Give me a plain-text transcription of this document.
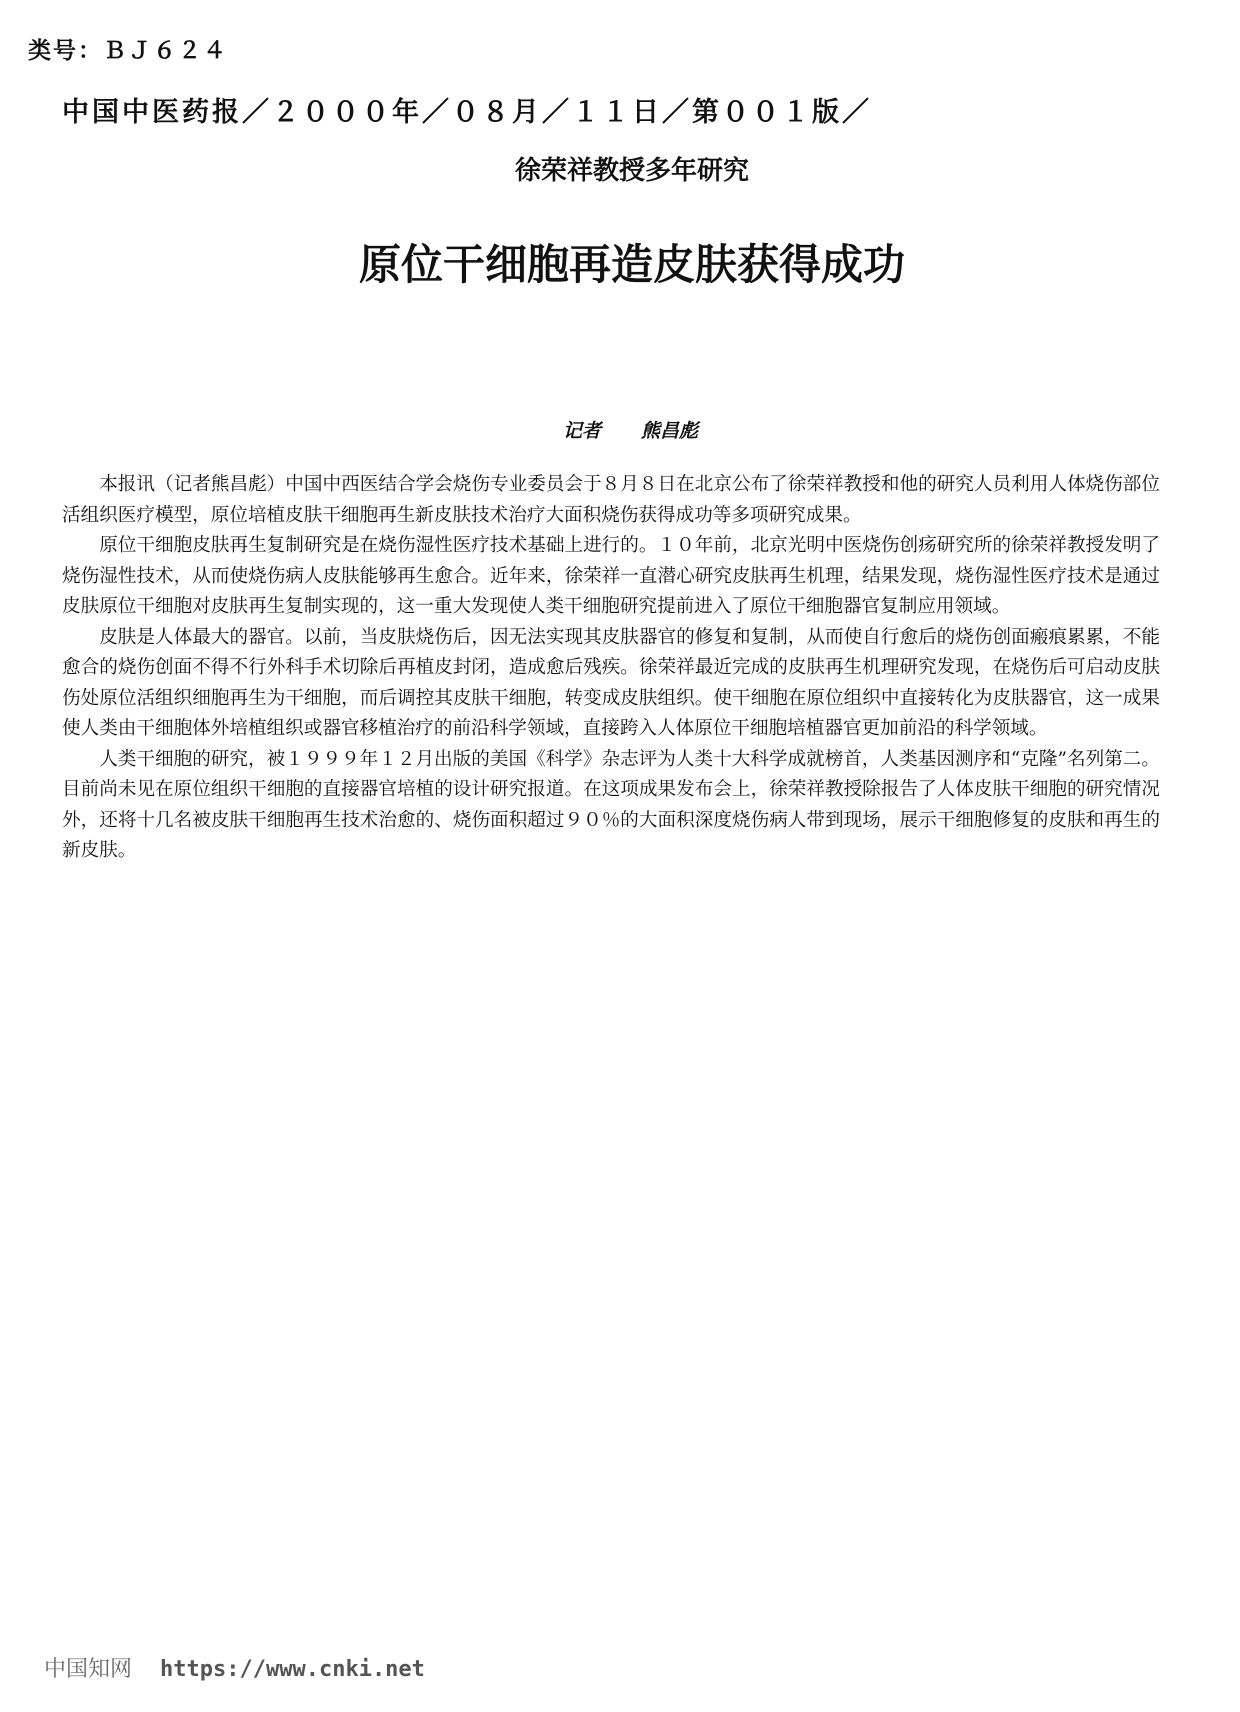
类号：ＢＪ６２４
中国中医药报／２０００年／０８月／１１日／第００１版／
徐荣祥教授多年研究
原位干细胞再造皮肤获得成功
记者 熊昌彪

本报讯（记者熊昌彪）中国中西医结合学会烧伤专业委员会于８月８日在北京公布了徐荣祥教授和他的研究人员利用人体烧伤部位活组织医疗模型，原位培植皮肤干细胞再生新皮肤技术治疗大面积烧伤获得成功等多项研究成果。

原位干细胞皮肤再生复制研究是在烧伤湿性医疗技术基础上进行的。１０年前，北京光明中医烧伤创疡研究所的徐荣祥教授发明了烧伤湿性技术，从而使烧伤病人皮肤能够再生愈合。近年来，徐荣祥一直潜心研究皮肤再生机理，结果发现，烧伤湿性医疗技术是通过皮肤原位干细胞对皮肤再生复制实现的，这一重大发现使人类干细胞研究提前进入了原位干细胞器官复制应用领域。

皮肤是人体最大的器官。以前，当皮肤烧伤后，因无法实现其皮肤器官的修复和复制，从而使自行愈后的烧伤创面瘢痕累累，不能愈合的烧伤创面不得不行外科手术切除后再植皮封闭，造成愈后残疾。徐荣祥最近完成的皮肤再生机理研究发现，在烧伤后可启动皮肤伤处原位活组织细胞再生为干细胞，而后调控其皮肤干细胞，转变成皮肤组织。使干细胞在原位组织中直接转化为皮肤器官，这一成果使人类由干细胞体外培植组织或器官移植治疗的前沿科学领域，直接跨入人体原位干细胞培植器官更加前沿的科学领域。

人类干细胞的研究，被１９９９年１２月出版的美国《科学》杂志评为人类十大科学成就榜首，人类基因测序和“克隆”名列第二。目前尚未见在原位组织干细胞的直接器官培植的设计研究报道。在这项成果发布会上，徐荣祥教授除报告了人体皮肤干细胞的研究情况外，还将十几名被皮肤干细胞再生技术治愈的、烧伤面积超过９０％的大面积深度烧伤病人带到现场，展示干细胞修复的皮肤和再生的新皮肤。

中国知网 https://www.cnki.net
